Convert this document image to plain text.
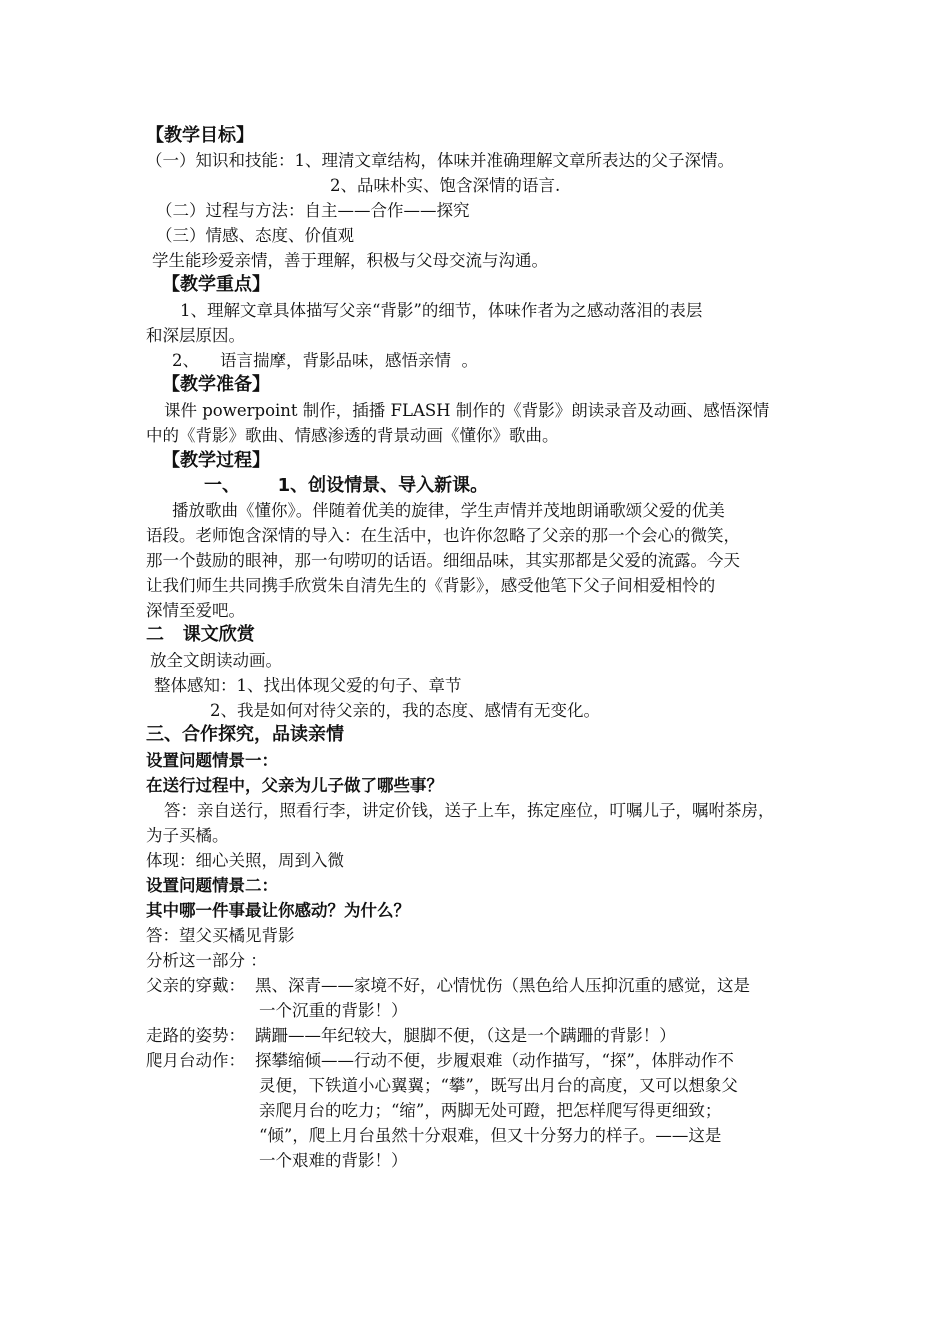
【教学目标】
（一）知识和技能：1、理清文章结构，体味并准确理解文章所表达的父子深情。
2、品味朴实、饱含深情的语言.
（二）过程与方法：自主——合作——探究
（三）情感、态度、价值观
学生能珍爱亲情，善于理解，积极与父母交流与沟通。
【教学重点】
1、理解文章具体描写父亲“背影”的细节，体味作者为之感动落泪的表层
和深层原因。
2、    语言揣摩，背影品味，感悟亲情  。
【教学准备】
课件 powerpoint 制作，插播 FLASH 制作的《背影》朗读录音及动画、感悟深情
中的《背影》歌曲、情感渗透的背景动画《懂你》歌曲。
【教学过程】
一、      1、创设情景、导入新课。
播放歌曲《懂你》。伴随着优美的旋律，学生声情并茂地朗诵歌颂父爱的优美
语段。老师饱含深情的导入：在生活中，也许你忽略了父亲的那一个会心的微笑，
那一个鼓励的眼神，那一句唠叨的话语。细细品味，其实那都是父爱的流露。今天
让我们师生共同携手欣赏朱自清先生的《背影》，感受他笔下父子间相爱相怜的
深情至爱吧。
二   课文欣赏
放全文朗读动画。
整体感知：1、找出体现父爱的句子、章节
2、我是如何对待父亲的，我的态度、感情有无变化。
三、合作探究，品读亲情
设置问题情景一：
在送行过程中，父亲为儿子做了哪些事？
答：亲自送行，照看行李，讲定价钱，送子上车，拣定座位，叮嘱儿子，嘱咐茶房，
为子买橘。
体现：细心关照，周到入微
设置问题情景二：
其中哪一件事最让你感动？为什么？
答：望父买橘见背影
分析这一部分 ：
父亲的穿戴： 黑、深青——家境不好，心情忧伤（黑色给人压抑沉重的感觉，这是
一个沉重的背影！）
走路的姿势： 蹒跚——年纪较大，腿脚不便，（这是一个蹒跚的背影！）
爬月台动作： 探攀缩倾——行动不便，步履艰难（动作描写，“探”，体胖动作不
灵便，下铁道小心翼翼；“攀”，既写出月台的高度，又可以想象父
亲爬月台的吃力；“缩”，两脚无处可蹬，把怎样爬写得更细致；
“倾”，爬上月台虽然十分艰难，但又十分努力的样子。——这是
一个艰难的背影！）
